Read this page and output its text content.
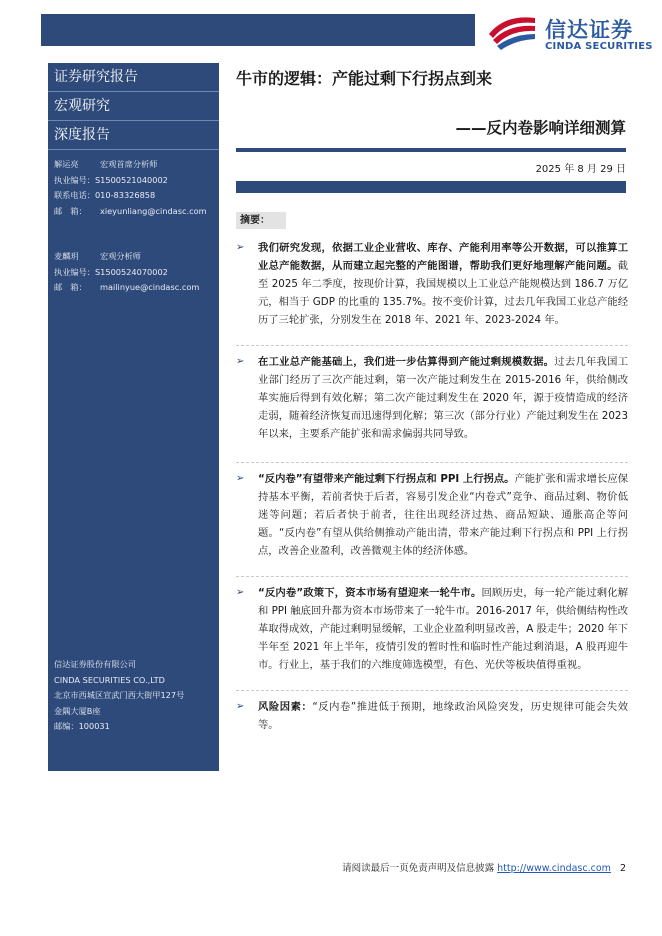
信达证券
CINDA SECURITIES
证券研究报告
宏观研究
深度报告
解运亮	宏观首席分析师
执业编号：S1500521040002
联系电话：010-83326858
邮　箱： xieyunliang@cindasc.com
麦麟玥	宏观分析师
执业编号：S1500524070002
邮　箱： mailinyue@cindasc.com
信达证券股份有限公司
CINDA SECURITIES CO.,LTD
北京市西城区宣武门西大街甲127号
金隅大厦B座
邮编：100031
牛市的逻辑：产能过剩下行拐点到来
——反内卷影响详细测算
2025 年 8 月 29 日
摘要：
➢ 我们研究发现，依据工业企业营收、库存、产能利用率等公开数据，可以推算工业总产能数据，从而建立起完整的产能图谱，帮助我们更好地理解产能问题。截至 2025 年二季度，按现价计算，我国规模以上工业总产能规模达到 186.7 万亿元，相当于 GDP 的比重的 135.7%。按不变价计算，过去几年我国工业总产能经历了三轮扩张，分别发生在 2018 年、2021 年、2023-2024 年。
➢ 在工业总产能基础上，我们进一步估算得到产能过剩规模数据。过去几年我国工业部门经历了三次产能过剩，第一次产能过剩发生在 2015-2016 年，供给侧改革实施后得到有效化解；第二次产能过剩发生在 2020 年，源于疫情造成的经济走弱，随着经济恢复而迅速得到化解；第三次（部分行业）产能过剩发生在 2023 年以来，主要系产能扩张和需求偏弱共同导致。
➢ “反内卷”有望带来产能过剩下行拐点和 PPI 上行拐点。产能扩张和需求增长应保持基本平衡，若前者快于后者，容易引发企业“内卷式”竞争、商品过剩、物价低迷等问题；若后者快于前者，往往出现经济过热、商品短缺、通胀高企等问题。“反内卷”有望从供给侧推动产能出清，带来产能过剩下行拐点和 PPI 上行拐点，改善企业盈利，改善微观主体的经济体感。
➢ “反内卷”政策下，资本市场有望迎来一轮牛市。回顾历史，每一轮产能过剩化解和 PPI 触底回升都为资本市场带来了一轮牛市。2016-2017 年，供给侧结构性改革取得成效，产能过剩明显缓解，工业企业盈利明显改善，A 股走牛；2020 年下半年至 2021 年上半年，疫情引发的暂时性和临时性产能过剩消退，A 股再迎牛市。行业上，基于我们的六维度筛选模型，有色、光伏等板块值得重视。
➢ 风险因素：“反内卷”推进低于预期，地缘政治风险突发，历史规律可能会失效等。
请阅读最后一页免责声明及信息披露 http://www.cindasc.com 2
